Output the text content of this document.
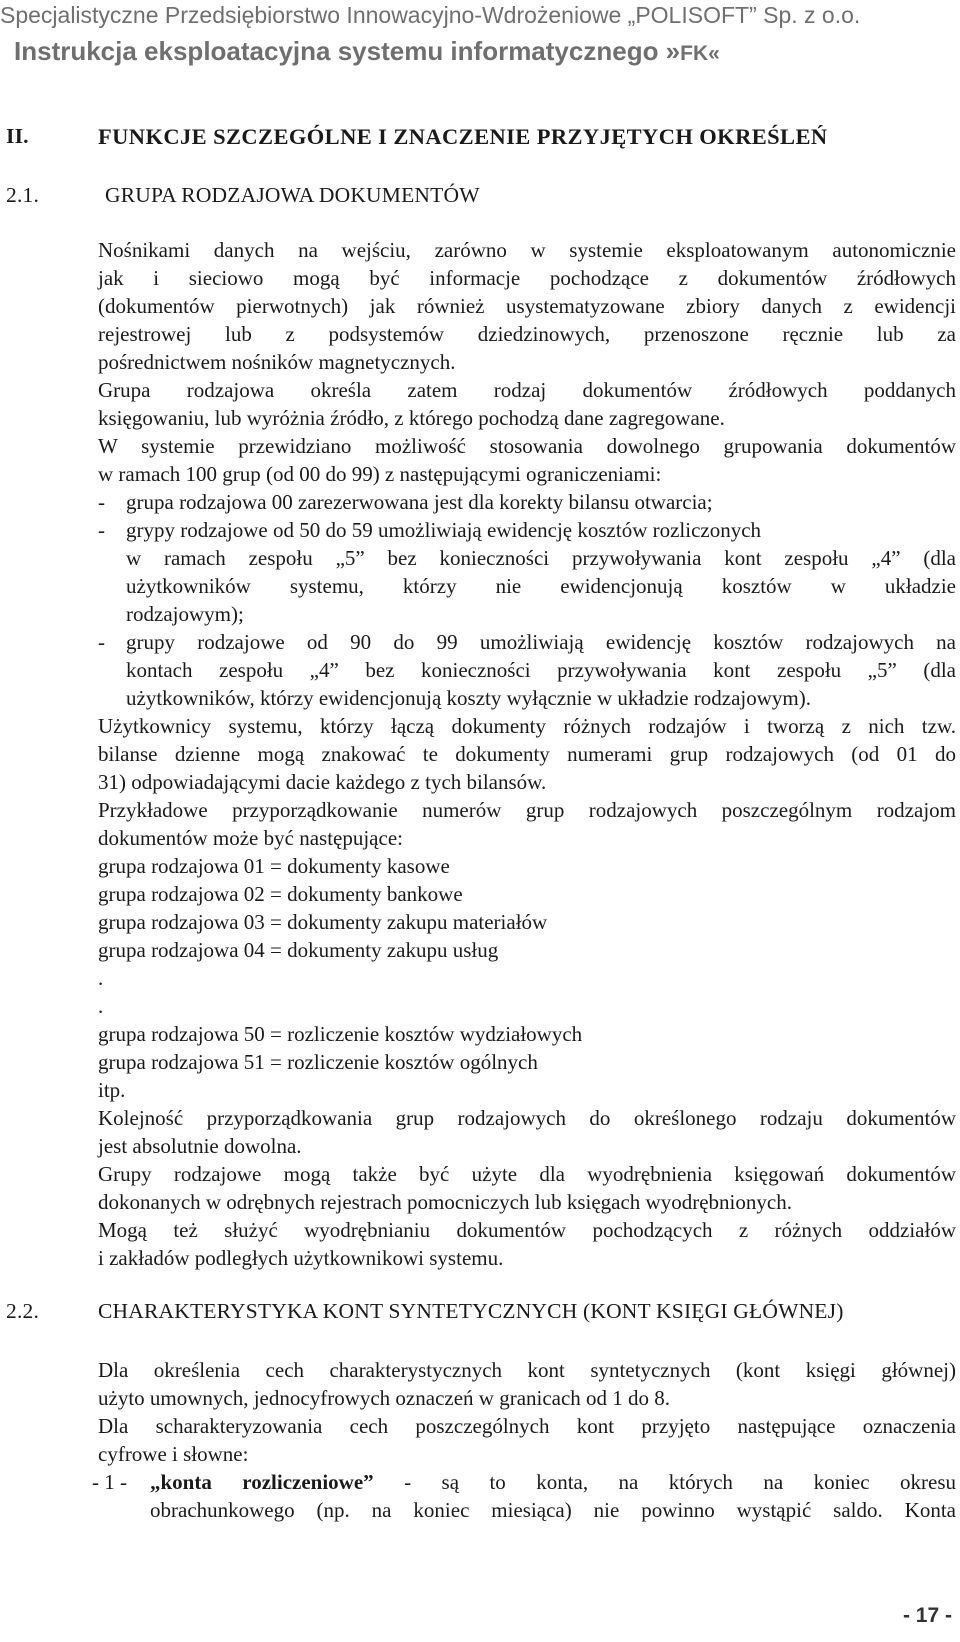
Specjalistyczne Przedsiębiorstwo Innowacyjno-Wdrożeniowe „POLISOFT” Sp. z o.o.
Instrukcja eksploatacyjna systemu informatycznego »FK«
II.	FUNKCJE SZCZEGÓLNE I ZNACZENIE PRZYJĘTYCH OKREŚLEŃ
2.1.	GRUPA RODZAJOWA DOKUMENTÓW
Nośnikami danych na wejściu, zarówno w systemie eksploatowanym autonomicznie
jak i sieciowo mogą być informacje pochodzące z dokumentów źródłowych
(dokumentów pierwotnych) jak również usystematyzowane zbiory danych z ewidencji
rejestrowej lub z podsystemów dziedzinowych, przenoszone ręcznie lub za
pośrednictwem nośników magnetycznych.
Grupa rodzajowa określa zatem rodzaj dokumentów źródłowych poddanych
księgowaniu, lub wyróżnia źródło, z którego pochodzą dane zagregowane.
W systemie przewidziano możliwość stosowania dowolnego grupowania dokumentów
w ramach 100 grup (od 00 do 99) z następującymi ograniczeniami:
- grupa rodzajowa 00 zarezerwowana jest dla korekty bilansu otwarcia;
- grypy rodzajowe od 50 do 59 umożliwiają ewidencję kosztów rozliczonych
w ramach zespołu „5” bez konieczności przywoływania kont zespołu „4” (dla
użytkowników systemu, którzy nie ewidencjonują kosztów w układzie
rodzajowym);
- grupy rodzajowe od 90 do 99 umożliwiają ewidencję kosztów rodzajowych na
kontach zespołu „4” bez konieczności przywoływania kont zespołu „5” (dla
użytkowników, którzy ewidencjonują koszty wyłącznie w układzie rodzajowym).
Użytkownicy systemu, którzy łączą dokumenty różnych rodzajów i tworzą z nich tzw.
bilanse dzienne mogą znakować te dokumenty numerami grup rodzajowych (od 01 do
31) odpowiadającymi dacie każdego z tych bilansów.
Przykładowe przyporządkowanie numerów grup rodzajowych poszczególnym rodzajom
dokumentów może być następujące:
grupa rodzajowa 01 = dokumenty kasowe
grupa rodzajowa 02 = dokumenty bankowe
grupa rodzajowa 03 = dokumenty zakupu materiałów
grupa rodzajowa 04 = dokumenty zakupu usług
.
.
grupa rodzajowa 50 = rozliczenie kosztów wydziałowych
grupa rodzajowa 51 = rozliczenie kosztów ogólnych
itp.
Kolejność przyporządkowania grup rodzajowych do określonego rodzaju dokumentów
jest absolutnie dowolna.
Grupy rodzajowe mogą także być użyte dla wyodrębnienia księgowań dokumentów
dokonanych w odrębnych rejestrach pomocniczych lub księgach wyodrębnionych.
Mogą też służyć wyodrębnianiu dokumentów pochodzących z różnych oddziałów
i zakładów podległych użytkownikowi systemu.
2.2.	CHARAKTERYSTYKA KONT SYNTETYCZNYCH (KONT KSIĘGI GŁÓWNEJ)
Dla określenia cech charakterystycznych kont syntetycznych (kont księgi głównej)
użyto umownych, jednocyfrowych oznaczeń w granicach od 1 do 8.
Dla scharakteryzowania cech poszczególnych kont przyjęto następujące oznaczenia
cyfrowe i słowne:
- 1 - „konta rozliczeniowe” - są to konta, na których na koniec okresu
obrachunkowego (np. na koniec miesiąca) nie powinno wystąpić saldo. Konta
- 17 -
